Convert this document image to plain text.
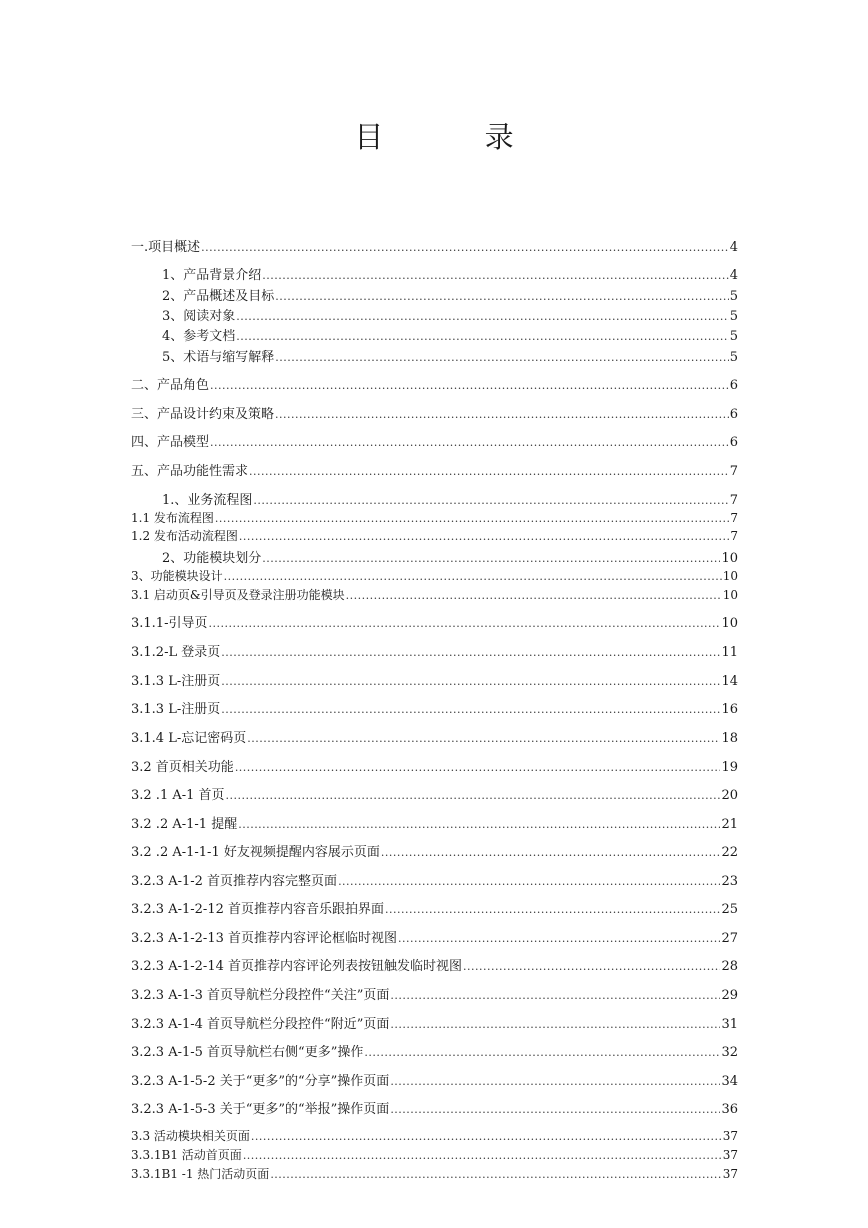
目 录
一.项目概述 .....	4
1、产品背景介绍 .....	4
2、产品概述及目标 .....	5
3、阅读对象 .....	5
4、参考文档 .....	5
5、术语与缩写解释 .....	5
二、产品角色 .....	6
三、产品设计约束及策略 .....	6
四、产品模型 .....	6
五、产品功能性需求 .....	7
1.、业务流程图 .....	7
1.1 发布流程图 .....	7
1.2 发布活动流程图 .....	7
2、功能模块划分 .....	10
3、功能模块设计 .....	10
3.1 启动页&引导页及登录注册功能模块 .....	10
3.1.1-引导页 .....	10
3.1.2-L 登录页 .....	11
3.1.3 L-注册页 .....	14
3.1.3 L-注册页 .....	16
3.1.4 L-忘记密码页 .....	18
3.2 首页相关功能 .....	19
3.2 .1 A-1 首页 .....	20
3.2 .2 A-1-1 提醒 .....	21
3.2 .2 A-1-1-1 好友视频提醒内容展示页面 .....	22
3.2.3 A-1-2 首页推荐内容完整页面 .....	23
3.2.3 A-1-2-12 首页推荐内容音乐跟拍界面 .....	25
3.2.3 A-1-2-13 首页推荐内容评论框临时视图 .....	27
3.2.3 A-1-2-14 首页推荐内容评论列表按钮触发临时视图 .....	28
3.2.3 A-1-3 首页导航栏分段控件“关注”页面 .....	29
3.2.3 A-1-4 首页导航栏分段控件“附近”页面 .....	31
3.2.3 A-1-5 首页导航栏右侧“更多”操作 .....	32
3.2.3 A-1-5-2 关于“更多”的“分享”操作页面 .....	34
3.2.3 A-1-5-3 关于“更多”的“举报”操作页面 .....	36
3.3 活动模块相关页面 .....	37
3.3.1B1 活动首页面 .....	37
3.3.1B1 -1 热门活动页面 .....	37
